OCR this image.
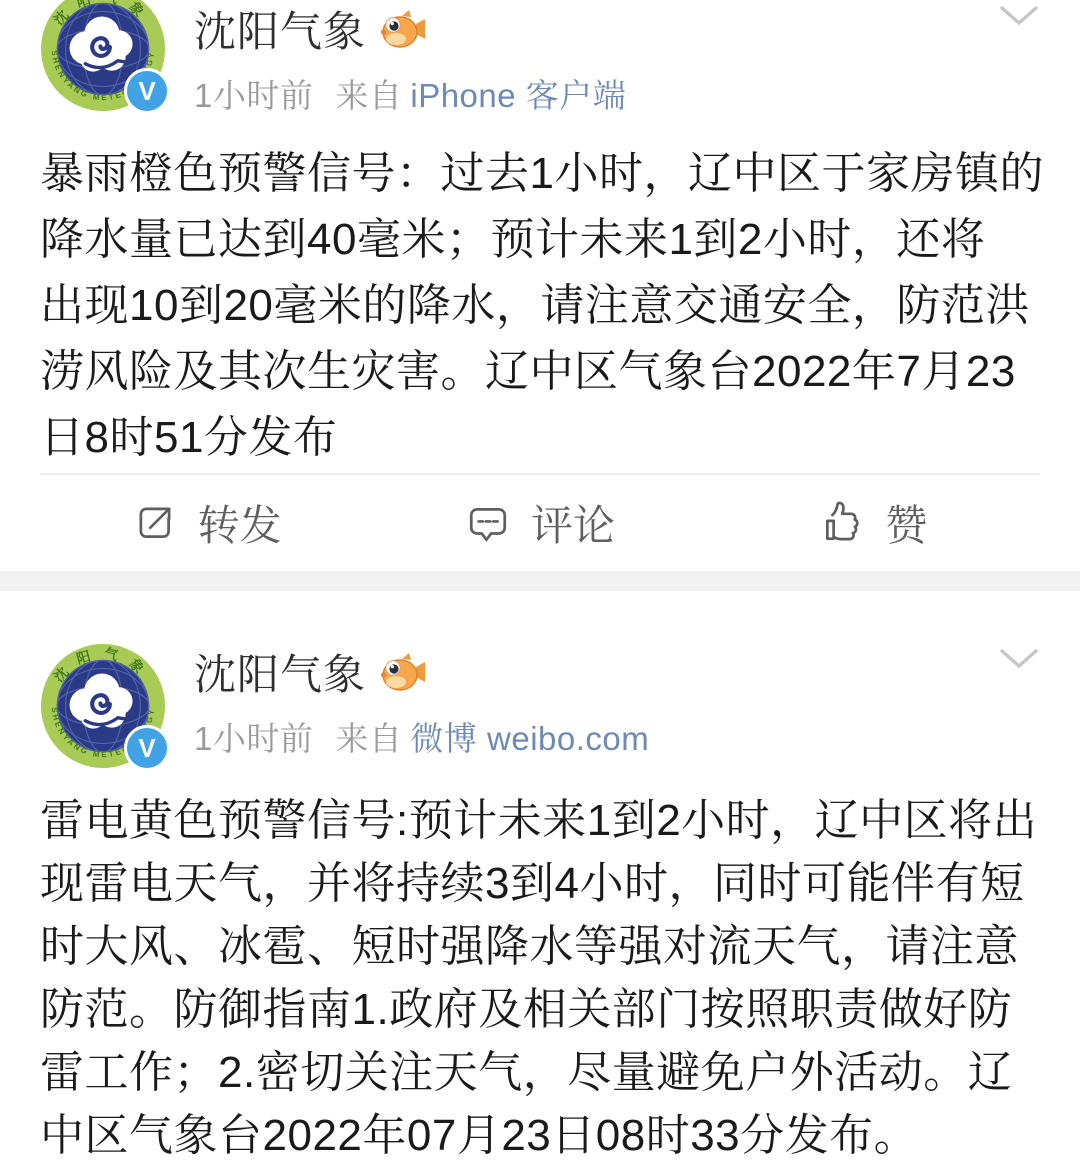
V
沈阳气象
1小时前 来自 iPhone 客户端
暴雨橙色预警信号：过去1小时，辽中区于家房镇的
降水量已达到40毫米；预计未来1到2小时，还将
出现10到20毫米的降水，请注意交通安全，防范洪
涝风险及其次生灾害。辽中区气象台2022年7月23
日8时51分发布
转发	评论	赞
V
沈阳气象
1小时前 来自 微博 weibo.com
雷电黄色预警信号:预计未来1到2小时，辽中区将出
现雷电天气，并将持续3到4小时，同时可能伴有短
时大风、冰雹、短时强降水等强对流天气，请注意
防范。防御指南1.政府及相关部门按照职责做好防
雷工作；2.密切关注天气，尽量避免户外活动。辽
中区气象台2022年07月23日08时33分发布。
